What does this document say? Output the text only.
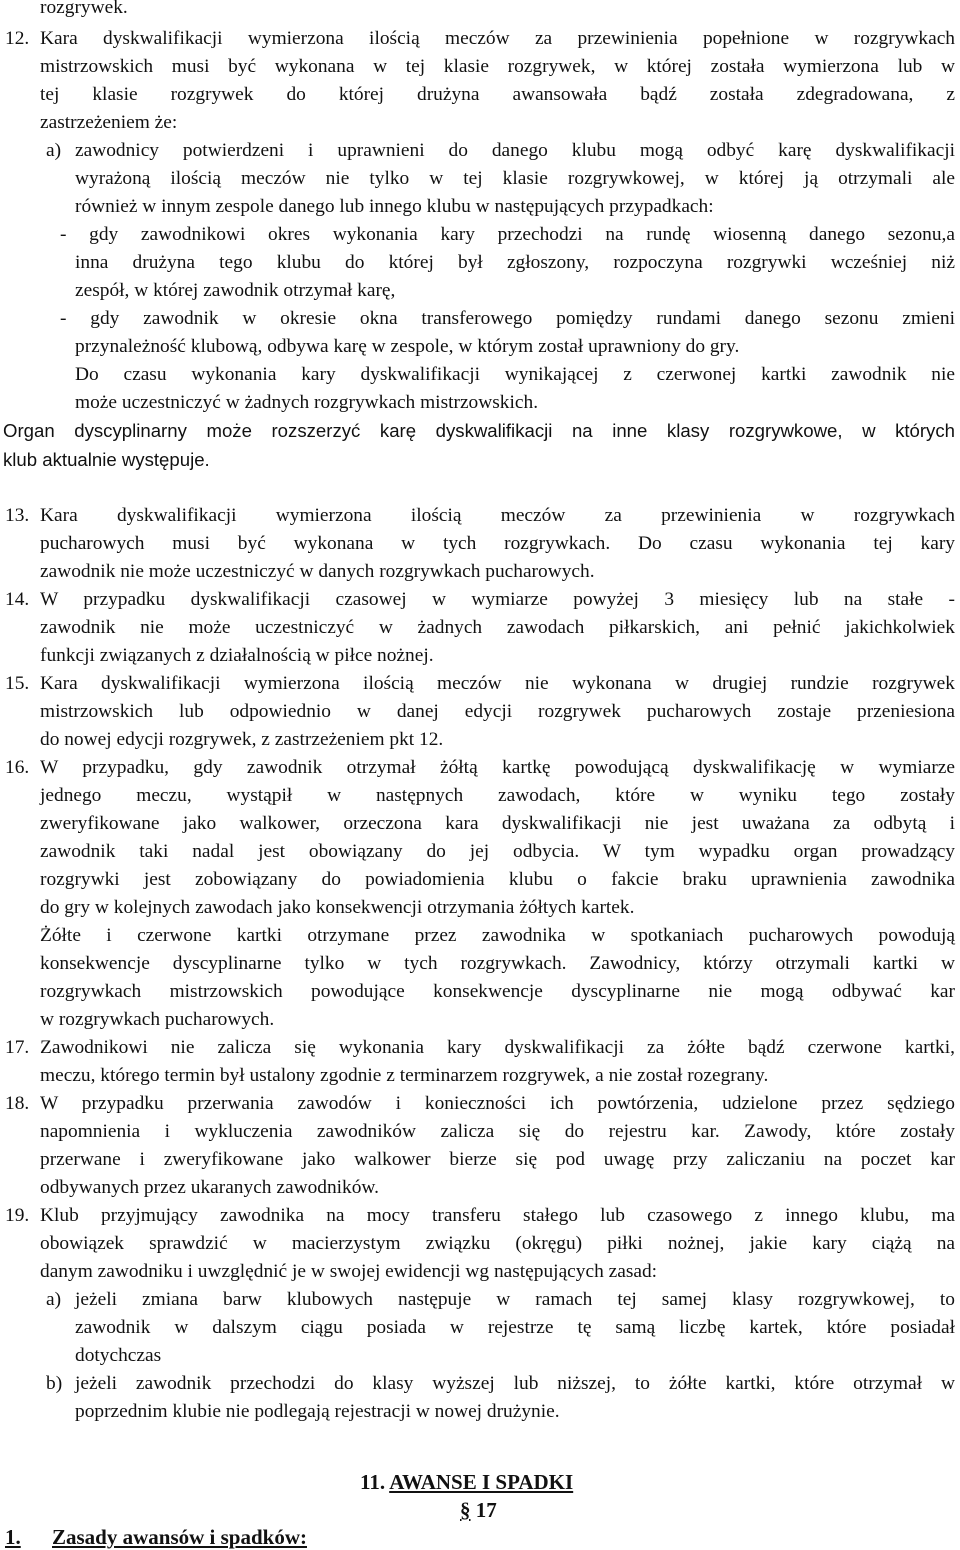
rozgrywek.
12. Kara dyskwalifikacji wymierzona ilością meczów za przewinienia popełnione w rozgrywkach
mistrzowskich musi być wykonana w tej klasie rozgrywek, w której została wymierzona lub w
tej klasie rozgrywek do której drużyna awansowała bądź została zdegradowana, z
zastrzeżeniem że:
a) zawodnicy potwierdzeni i uprawnieni do danego klubu mogą odbyć karę dyskwalifikacji
wyrażoną ilością meczów nie tylko w tej klasie rozgrywkowej, w której ją otrzymali ale
również w innym zespole danego lub innego klubu w następujących przypadkach:
- gdy zawodnikowi okres wykonania kary przechodzi na rundę wiosenną danego sezonu,a
inna drużyna tego klubu do której był zgłoszony, rozpoczyna rozgrywki wcześniej niż
zespół, w której zawodnik otrzymał karę,
- gdy zawodnik w okresie okna transferowego pomiędzy rundami danego sezonu zmieni
przynależność klubową, odbywa karę w zespole, w którym został uprawniony do gry.
Do czasu wykonania kary dyskwalifikacji wynikającej z czerwonej kartki zawodnik nie
może uczestniczyć w żadnych rozgrywkach mistrzowskich.
Organ dyscyplinarny może rozszerzyć karę dyskwalifikacji na inne klasy rozgrywkowe, w których
klub aktualnie występuje.
13. Kara dyskwalifikacji wymierzona ilością meczów za przewinienia w rozgrywkach
pucharowych musi być wykonana w tych rozgrywkach. Do czasu wykonania tej kary
zawodnik nie może uczestniczyć w danych rozgrywkach pucharowych.
14. W przypadku dyskwalifikacji czasowej w wymiarze powyżej 3 miesięcy lub na stałe -
zawodnik nie może uczestniczyć w żadnych zawodach piłkarskich, ani pełnić jakichkolwiek
funkcji związanych z działalnością w piłce nożnej.
15. Kara dyskwalifikacji wymierzona ilością meczów nie wykonana w drugiej rundzie rozgrywek
mistrzowskich lub odpowiednio w danej edycji rozgrywek pucharowych zostaje przeniesiona
do nowej edycji rozgrywek, z zastrzeżeniem pkt 12.
16. W przypadku, gdy zawodnik otrzymał żółtą kartkę powodującą dyskwalifikację w wymiarze
jednego meczu, wystąpił w następnych zawodach, które w wyniku tego zostały
zweryfikowane jako walkower, orzeczona kara dyskwalifikacji nie jest uważana za odbytą i
zawodnik taki nadal jest obowiązany do jej odbycia. W tym wypadku organ prowadzący
rozgrywki jest zobowiązany do powiadomienia klubu o fakcie braku uprawnienia zawodnika
do gry w kolejnych zawodach jako konsekwencji otrzymania żółtych kartek.
Żółte i czerwone kartki otrzymane przez zawodnika w spotkaniach pucharowych powodują
konsekwencje dyscyplinarne tylko w tych rozgrywkach. Zawodnicy, którzy otrzymali kartki w
rozgrywkach mistrzowskich powodujące konsekwencje dyscyplinarne nie mogą odbywać kar
w rozgrywkach pucharowych.
17. Zawodnikowi nie zalicza się wykonania kary dyskwalifikacji za żółte bądź czerwone kartki,
meczu, którego termin był ustalony zgodnie z terminarzem rozgrywek, a nie został rozegrany.
18. W przypadku przerwania zawodów i konieczności ich powtórzenia, udzielone przez sędziego
napomnienia i wykluczenia zawodników zalicza się do rejestru kar. Zawody, które zostały
przerwane i zweryfikowane jako walkower bierze się pod uwagę przy zaliczaniu na poczet kar
odbywanych przez ukaranych zawodników.
19. Klub przyjmujący zawodnika na mocy transferu stałego lub czasowego z innego klubu, ma
obowiązek sprawdzić w macierzystym związku (okręgu) piłki nożnej, jakie kary ciążą na
danym zawodniku i uwzględnić je w swojej ewidencji wg następujących zasad:
a) jeżeli zmiana barw klubowych następuje w ramach tej samej klasy rozgrywkowej, to
zawodnik w dalszym ciągu posiada w rejestrze tę samą liczbę kartek, które posiadał
dotychczas
b) jeżeli zawodnik przechodzi do klasy wyższej lub niższej, to żółte kartki, które otrzymał w
poprzednim klubie nie podlegają rejestracji w nowej drużynie.
11. AWANSE I SPADKI
§ 17
1. Zasady awansów i spadków:
